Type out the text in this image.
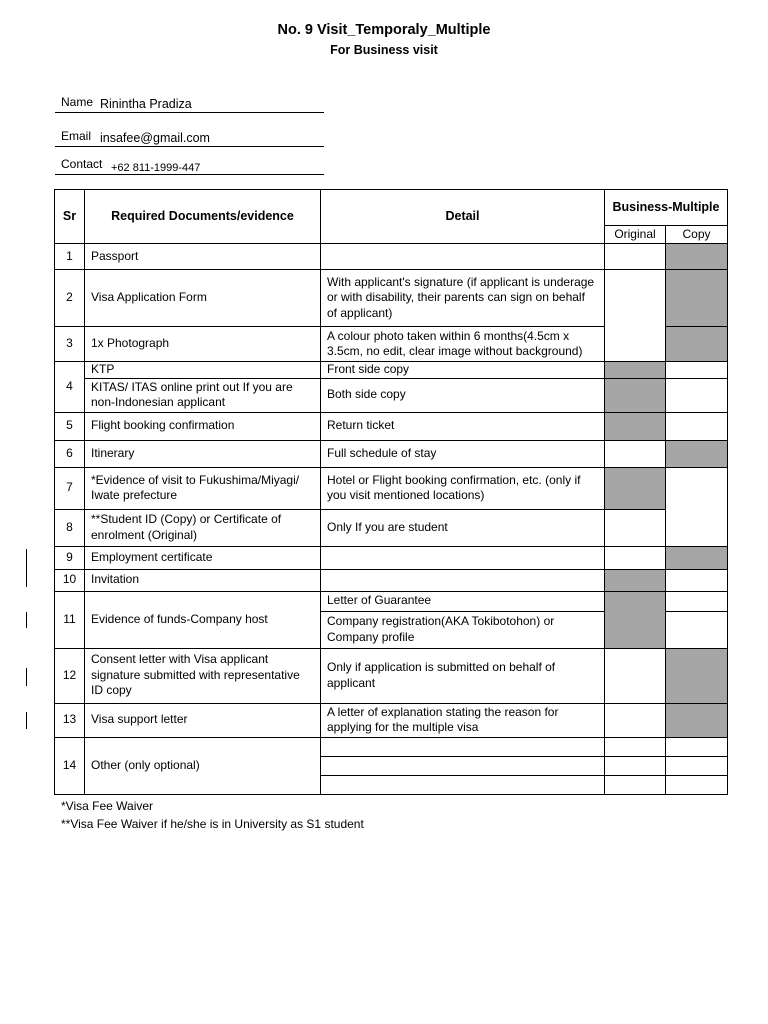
No. 9 Visit_Temporaly_Multiple
For Business visit
Name Rinintha Pradiza
Email insafee@gmail.com
Contact +62 811-1999-447
Sr	Required Documents/evidence	Detail	Business-Multiple	
			Original	Copy
1	Passport			
2	Visa Application Form	With applicant's signature (if applicant is underage or with disability, their parents can sign on behalf of applicant)		
3	1x Photograph	A colour photo taken within 6 months(4.5cm x 3.5cm, no edit, clear image without background)		
4	KTP	Front side copy		
	KITAS/ ITAS online print out If you are non-Indonesian applicant	Both side copy		
5	Flight booking confirmation	Return ticket		
6	Itinerary	Full schedule of stay		
7	*Evidence of visit to Fukushima/Miyagi/ Iwate prefecture	Hotel or Flight booking confirmation, etc. (only if you visit mentioned locations)		
8	**Student ID (Copy) or Certificate of enrolment (Original)	Only If you are student		
9	Employment certificate			
10	Invitation			
11	Evidence of funds-Company host	Letter of Guarantee		
		Company registration(AKA Tokibotohon) or Company profile		
12	Consent letter with Visa applicant signature submitted with representative ID copy	Only if application is submitted on behalf of applicant		
13	Visa support letter	A letter of explanation stating the reason for applying for the multiple visa		
14	Other (only optional)			

*Visa Fee Waiver
**Visa Fee Waiver if he/she is in University as S1 student
